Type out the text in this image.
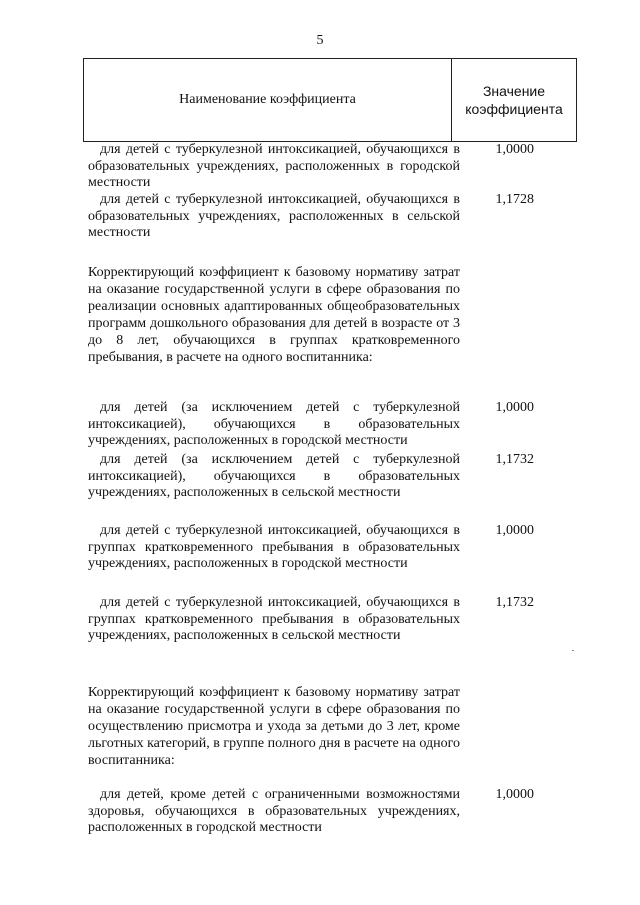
5
Наименование коэффициента
Значение коэффициента
для детей с туберкулезной интоксикацией, обучающихся в образовательных учреждениях, расположенных в городской местности
1,0000
для детей с туберкулезной интоксикацией, обучающихся в образовательных учреждениях, расположенных в сельской местности
1,1728
Корректирующий коэффициент к базовому нормативу затрат на оказание государственной услуги в сфере образования по реализации основных адаптированных общеобразовательных программ дошкольного образования для детей в возрасте от 3 до 8 лет, обучающихся в группах кратковременного пребывания, в расчете на одного воспитанника:
для детей (за исключением детей с туберкулезной интоксикацией), обучающихся в образовательных учреждениях, расположенных в городской местности
1,0000
для детей (за исключением детей с туберкулезной интоксикацией), обучающихся в образовательных учреждениях, расположенных в сельской местности
1,1732
для детей с туберкулезной интоксикацией, обучающихся в группах кратковременного пребывания в образовательных учреждениях, расположенных в городской местности
1,0000
для детей с туберкулезной интоксикацией, обучающихся в группах кратковременного пребывания в образовательных учреждениях, расположенных в сельской местности
1,1732
Корректирующий коэффициент к базовому нормативу затрат на оказание государственной услуги в сфере образования по осуществлению присмотра и ухода за детьми до 3 лет, кроме льготных категорий, в группе полного дня в расчете на одного воспитанника:
для детей, кроме детей с ограниченными возможностями здоровья, обучающихся в образовательных учреждениях, расположенных в городской местности
1,0000
